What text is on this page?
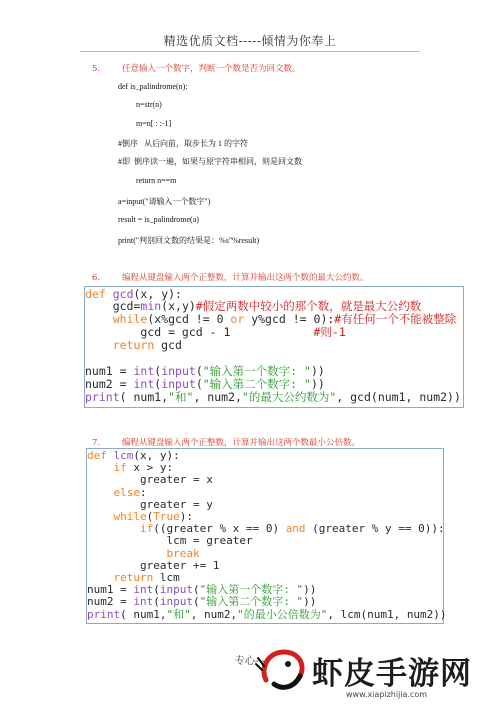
精选优质文档-----倾情为你奉上
5.	任意输入一个数字，判断一个数是否为回文数。
def is_palindrome(n):
n=str(n)
m=n[ : :-1]
#倒序   从后向前，取步长为 1 的字符
#即  倒序读一遍，如果与原字符串相同，则是回文数
return n==m
a=input("请输入一个数字")
result = is_palindrome(a)
print("判别回文数的结果是：%s"%result)
6.	编程从键盘输入两个正整数，计算并输出这两个数的最大公约数。
def gcd(x, y):
gcd=min(x,y)#假定两数中较小的那个数，就是最大公约数
while(x%gcd != 0 or y%gcd != 0):#有任何一个不能被整除
gcd = gcd - 1            #则-1
return gcd
num1 = int(input("输入第一个数字: "))
num2 = int(input("输入第二个数字: "))
print( num1,"和", num2,"的最大公约数为", gcd(num1, num2))
7.	编程从键盘输入两个正整数，计算并输出这两个数最小公倍数。
def lcm(x, y):
if x > y:
greater = x
else:
greater = y
while(True):
if((greater % x == 0) and (greater % y == 0)):
lcm = greater
break
greater += 1
return lcm
num1 = int(input("输入第一个数字: "))
num2 = int(input("输入第二个数字: "))
print( num1,"和", num2,"的最小公倍数为", lcm(num1, num2))
专心---	虾皮手游网
www.xiapizhijia.com
